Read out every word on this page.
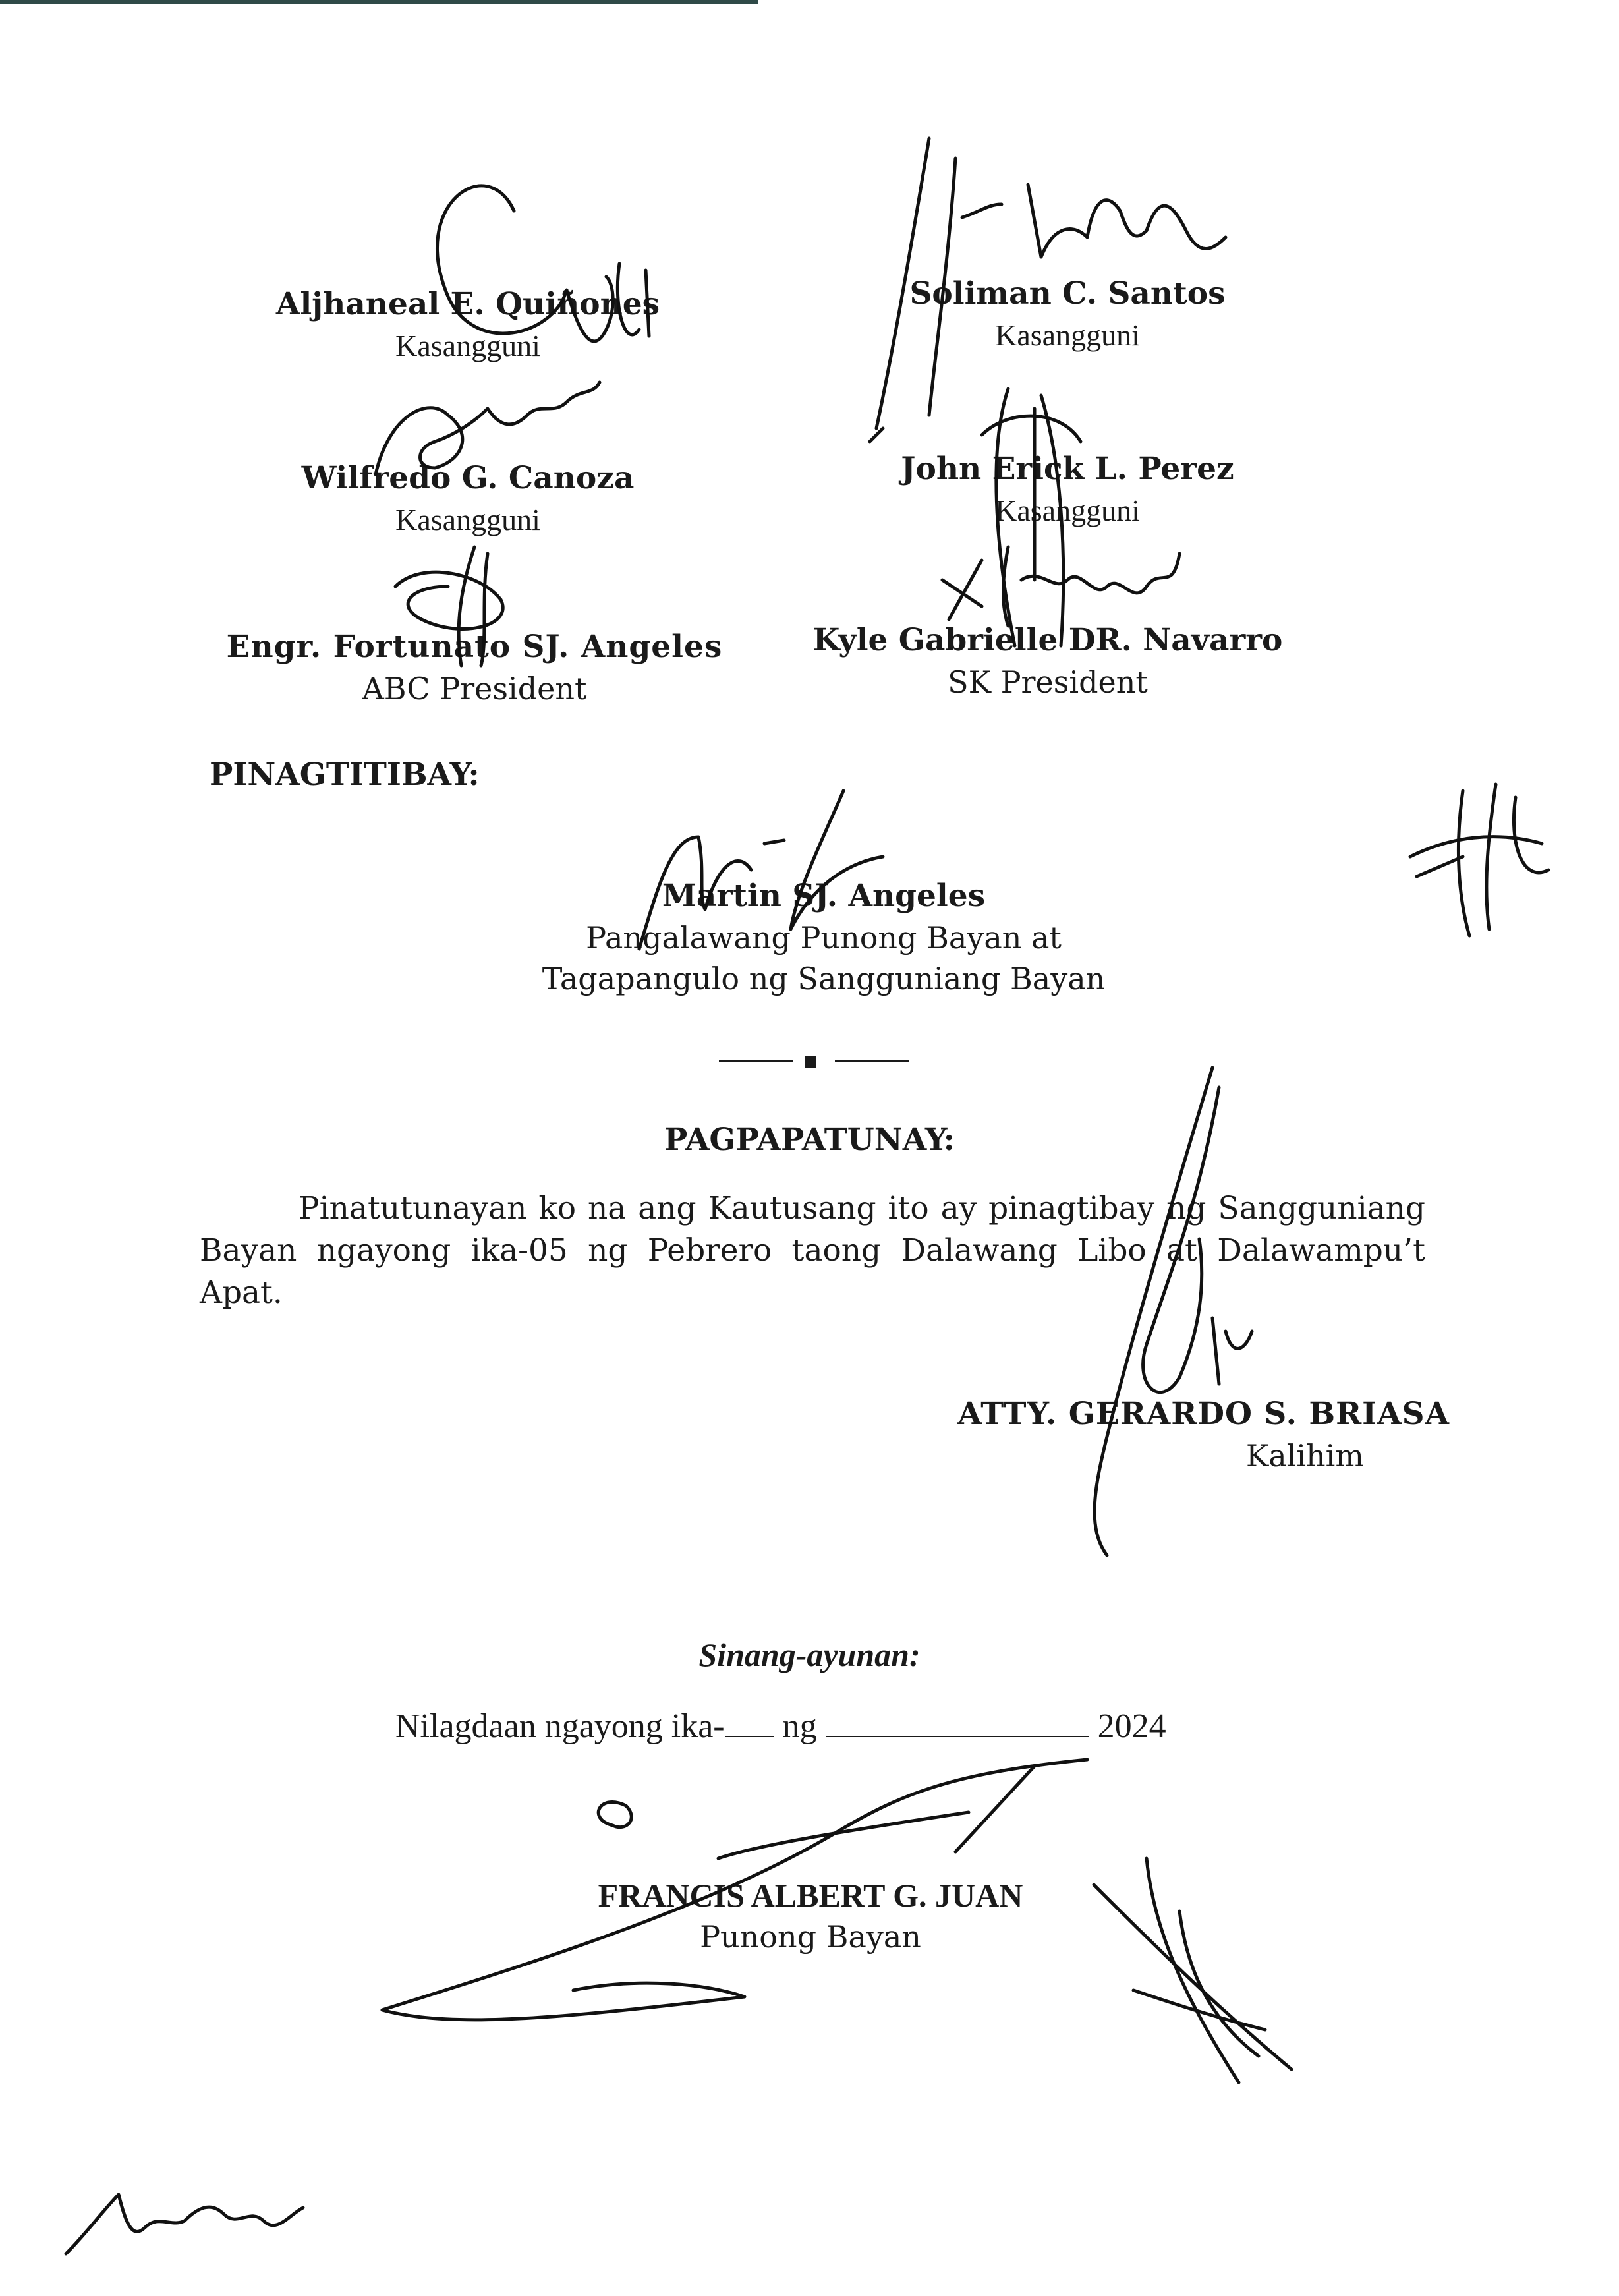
Aljhaneal E. Quiñones
Kasangguni
Soliman C. Santos
Kasangguni
Wilfredo G. Canoza
Kasangguni
John Erick L. Perez
Kasangguni
Engr. Fortunato SJ. Angeles
ABC President
Kyle Gabrielle DR. Navarro
SK President
PINAGTITIBAY:
Martin SJ. Angeles
Pangalawang Punong Bayan at
Tagapangulo ng Sangguniang Bayan
PAGPAPATUNAY:
Pinatutunayan ko na ang Kautusang ito ay pinagtibay ng Sangguniang Bayan ngayong ika-05 ng Pebrero taong Dalawang Libo at Dalawampu’t Apat.
ATTY. GERARDO S. BRIASA
Kalihim
Sinang-ayunan:
Nilagdaan ngayong ika- ng	2024
FRANCIS ALBERT G. JUAN
Punong Bayan
